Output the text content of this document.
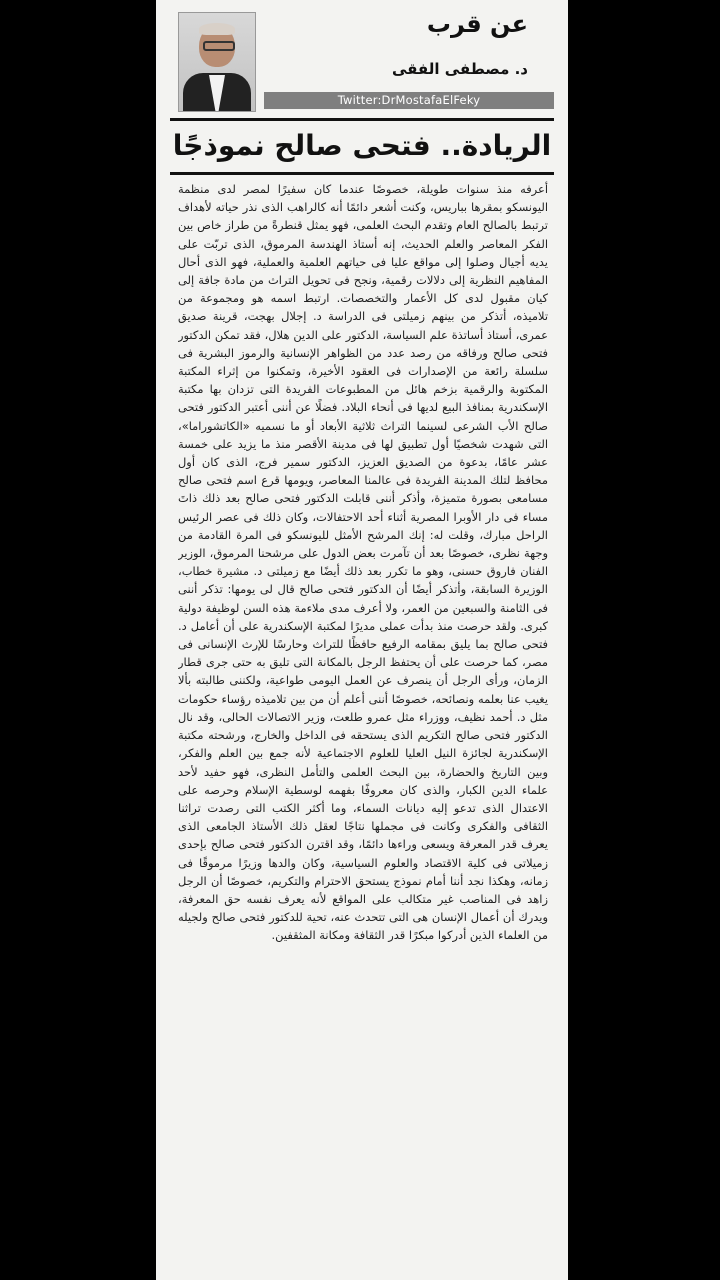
عن قرب
د. مصطفى الفقى
Twitter:DrMostafaElFeky
الريادة.. فتحى صالح نموذجًا
أعرفه منذ سنوات طويلة، خصوصًا عندما كان سفيرًا لمصر لدى منظمة اليونسكو بمقرها بباريس، وكنت أشعر دائمًا أنه كالراهب الذى نذر حياته لأهداف ترتبط بالصالح العام وتقدم البحث العلمى، فهو يمثل قنطرةً من طراز خاص بين الفكر المعاصر والعلم الحديث، إنه أستاذ الهندسة المرموق، الذى تربّت على يديه أجيال وصلوا إلى مواقع عليا فى حياتهم العلمية والعملية، فهو الذى أحال المفاهيم النظرية إلى دلالات رقمية، ونجح فى تحويل التراث من مادة جافة إلى كيان مقبول لدى كل الأعمار والتخصصات. ارتبط اسمه هو ومجموعة من تلاميذه، أتذكر من بينهم زميلتى فى الدراسة د. إجلال بهجت، قرينة صديق عمرى، أستاذ أساتذة علم السياسة، الدكتور على الدين هلال، فقد تمكن الدكتور فتحى صالح ورفاقه من رصد عدد من الظواهر الإنسانية والرموز البشرية فى سلسلة رائعة من الإصدارات فى العقود الأخيرة، وتمكنوا من إثراء المكتبة المكتوبة والرقمية بزخم هائل من المطبوعات الفريدة التى تزدان بها مكتبة الإسكندرية بمنافذ البيع لديها فى أنحاء البلاد. فضلًا عن أننى أعتبر الدكتور فتحى صالح الأب الشرعى لسينما التراث ثلاثية الأبعاد أو ما نسميه «الكاتشوراما»، التى شهدت شخصيًا أول تطبيق لها فى مدينة الأقصر منذ ما يزيد على خمسة عشر عامًا، بدعوة من الصديق العزيز، الدكتور سمير فرج، الذى كان أول محافظ لتلك المدينة الفريدة فى عالمنا المعاصر، ويومها قرع اسم فتحى صالح مسامعى بصورة متميزة، وأذكر أننى قابلت الدكتور فتحى صالح بعد ذلك ذاتَ مساء فى دار الأوبرا المصرية أثناء أحد الاحتفالات، وكان ذلك فى عصر الرئيس الراحل مبارك، وقلت له: إنك المرشح الأمثل لليونسكو فى المرة القادمة من وجهة نظرى، خصوصًا بعد أن تآمرت بعض الدول على مرشحنا المرموق، الوزير الفنان فاروق حسنى، وهو ما تكرر بعد ذلك أيضًا مع زميلتى د. مشيرة خطاب، الوزيرة السابقة، وأتذكر أيضًا أن الدكتور فتحى صالح قال لى يومها: تذكر أننى فى الثامنة والسبعين من العمر، ولا أعرف مدى ملاءمة هذه السن لوظيفة دولية كبرى. ولقد حرصت منذ بدأت عملى مديرًا لمكتبة الإسكندرية على أن أعامل د. فتحى صالح بما يليق بمقامه الرفيع حافظًا للتراث وحارسًا للإرث الإنسانى فى مصر، كما حرصت على أن يحتفظ الرجل بالمكانة التى تليق به حتى جرى قطار الزمان، ورأى الرجل أن ينصرف عن العمل اليومى طواعية، ولكننى طالبته بألا يغيب عنا بعلمه ونصائحه، خصوصًا أننى أعلم أن من بين تلاميذه رؤساء حكومات مثل د. أحمد نظيف، ووزراء مثل عمرو طلعت، وزير الاتصالات الحالى، وقد نال الدكتور فتحى صالح التكريم الذى يستحقه فى الداخل والخارج، ورشحته مكتبة الإسكندرية لجائزة النيل العليا للعلوم الاجتماعية لأنه جمع بين العلم والفكر، وبين التاريخ والحضارة، بين البحث العلمى والتأمل النظرى، فهو حفيد لأحد علماء الدين الكبار، والذى كان معروفًا بفهمه لوسطية الإسلام وحرصه على الاعتدال الذى تدعو إليه ديانات السماء، وما أكثر الكتب التى رصدت تراثنا الثقافى والفكرى وكانت فى مجملها نتاجًا لعقل ذلك الأستاذ الجامعى الذى يعرف قدر المعرفة ويسعى وراءها دائمًا، وقد اقترن الدكتور فتحى صالح بإحدى زميلاتى فى كلية الاقتصاد والعلوم السياسية، وكان والدها وزيرًا مرموقًا فى زمانه، وهكذا نجد أننا أمام نموذج يستحق الاحترام والتكريم، خصوصًا أن الرجل زاهد فى المناصب غير متكالب على المواقع لأنه يعرف نفسه حق المعرفة، ويدرك أن أعمال الإنسان هى التى تتحدث عنه، تحية للدكتور فتحى صالح ولجيله من العلماء الذين أدركوا مبكرًا قدر الثقافة ومكانة المثقفين.
